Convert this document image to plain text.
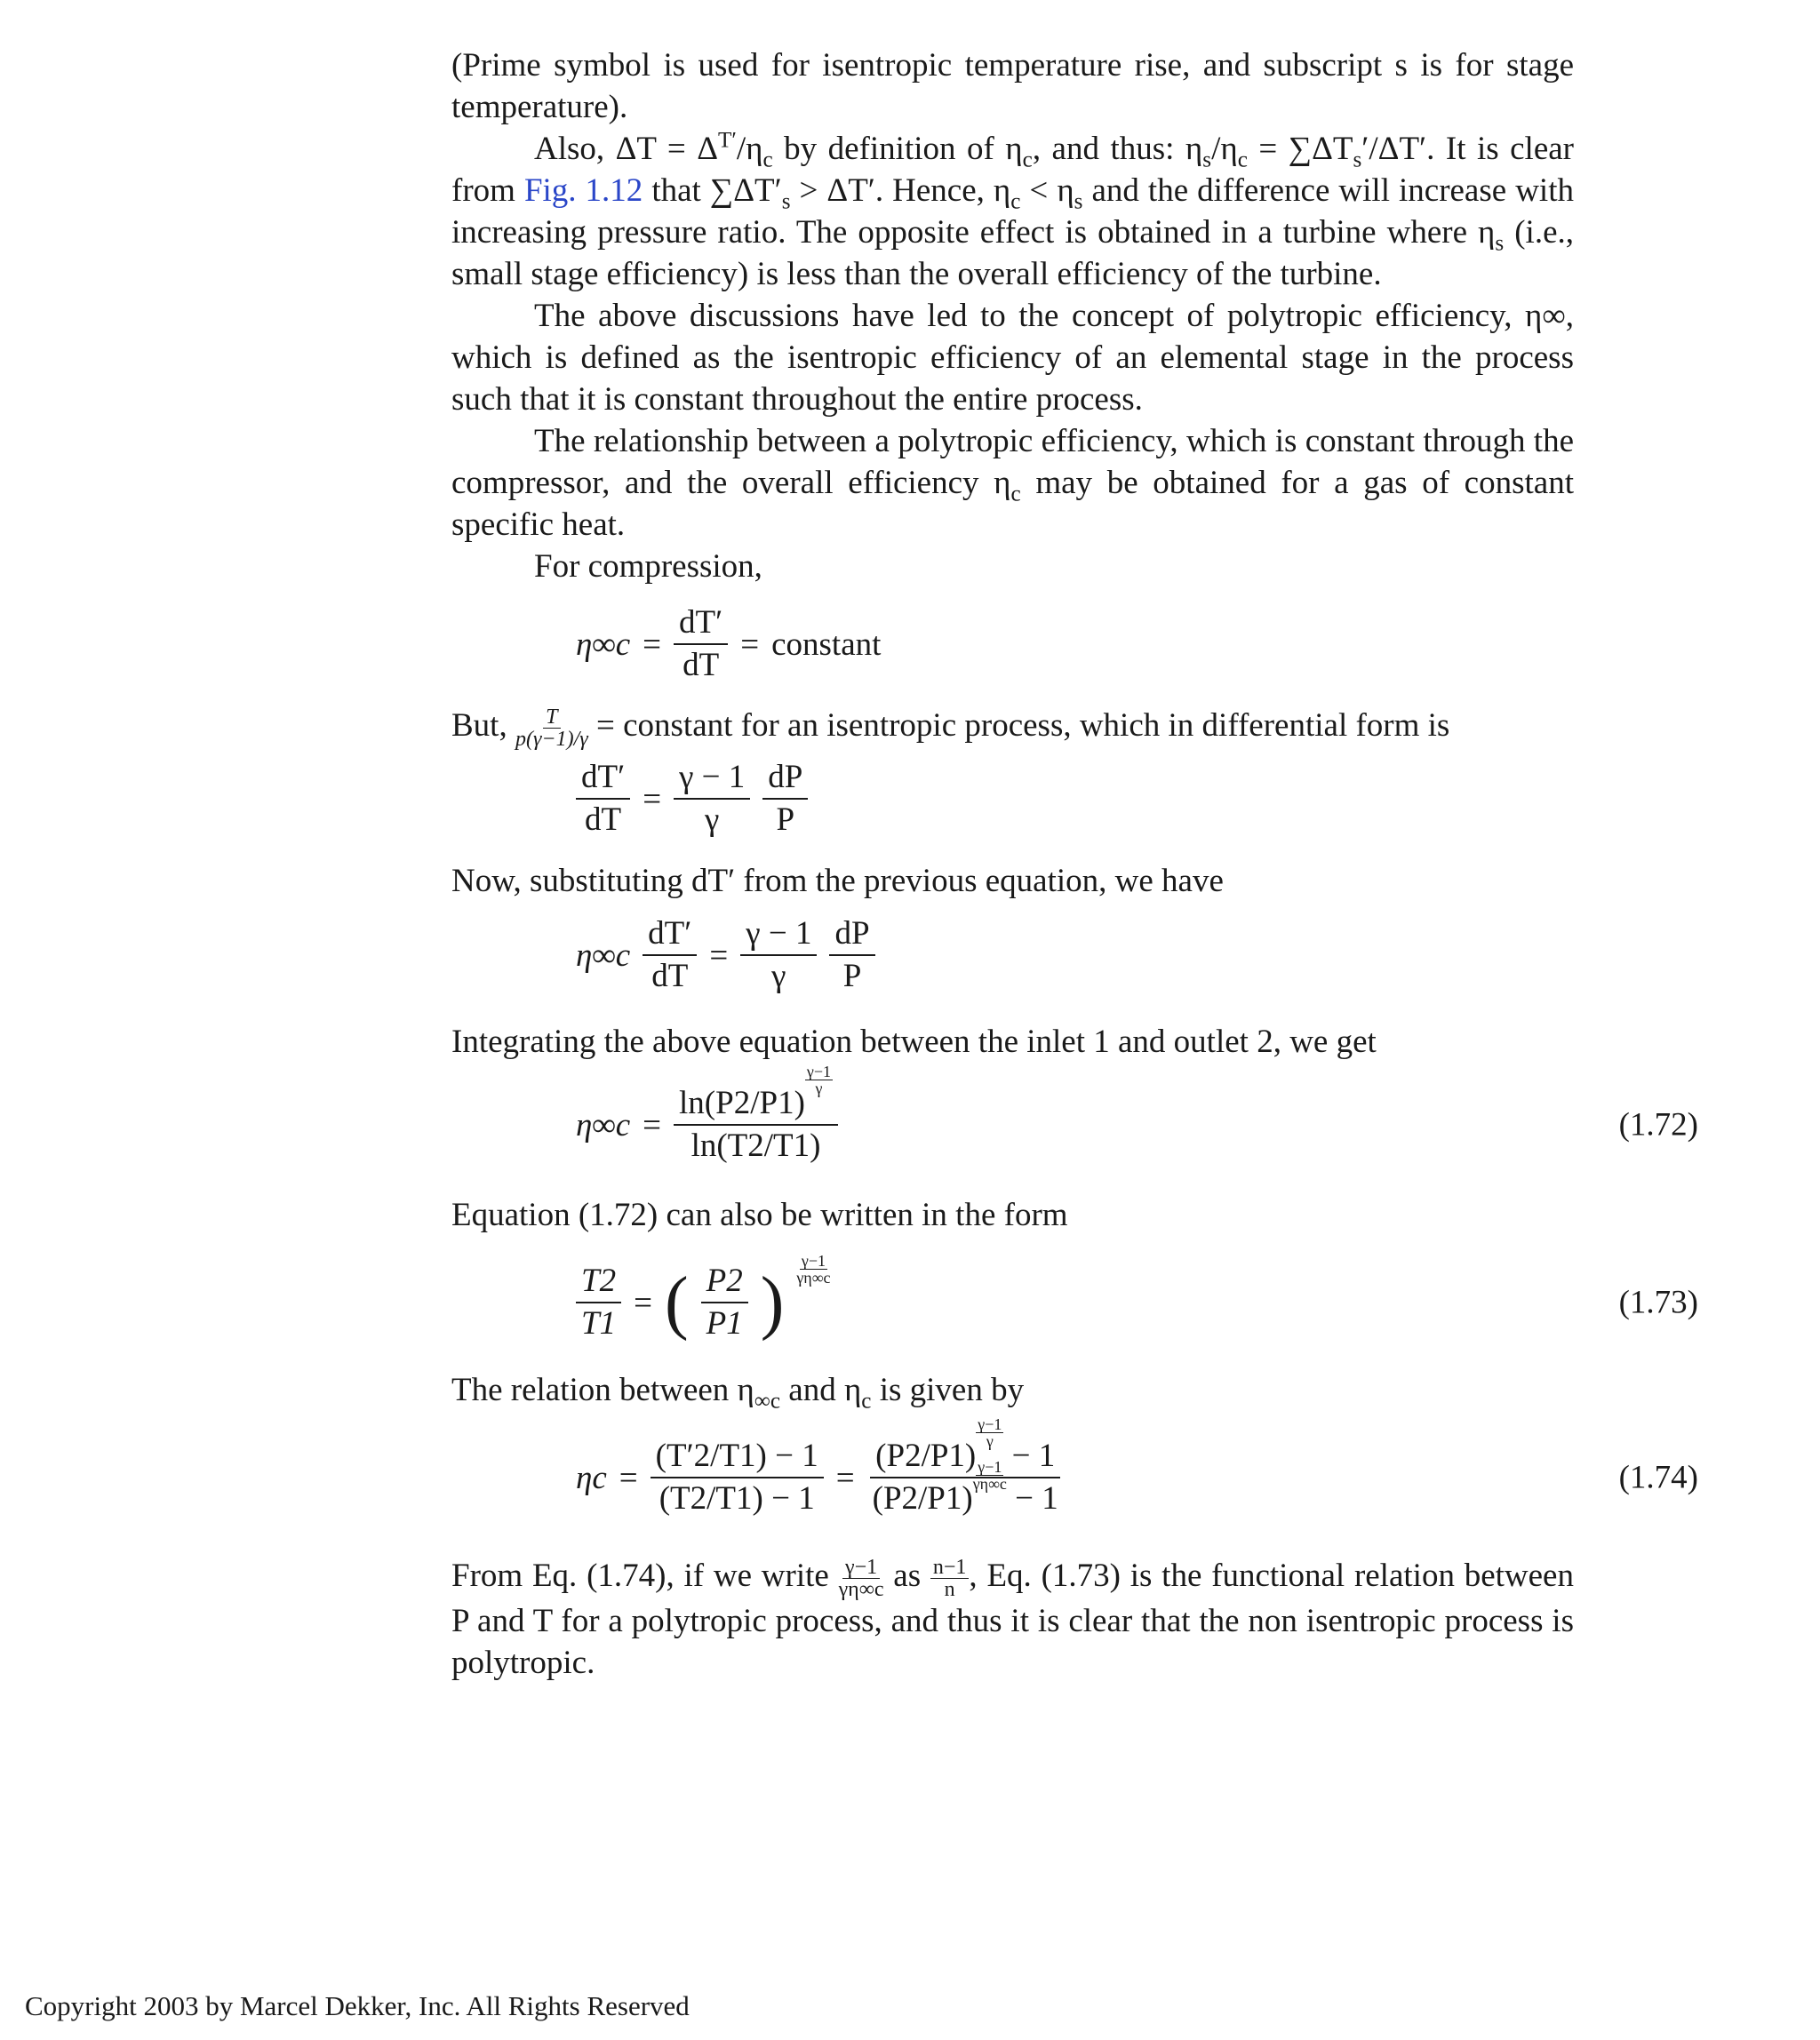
(Prime symbol is used for isentropic temperature rise, and subscript s is for stage temperature).

Also, $\Delta T = \Delta^{T'}/\eta_c$ by definition of $\eta_c$, and thus: $\eta_s/\eta_c = \sum\Delta T_s'/\Delta T'$. It is clear from Fig. 1.12 that $\sum\Delta T'_s > \Delta T'$. Hence, $\eta_c < \eta_s$ and the difference will increase with increasing pressure ratio. The opposite effect is obtained in a turbine where $\eta_s$ (i.e., small stage efficiency) is less than the overall efficiency of the turbine.

The above discussions have led to the concept of polytropic efficiency, η∞, which is defined as the isentropic efficiency of an elemental stage in the process such that it is constant throughout the entire process.

The relationship between a polytropic efficiency, which is constant through the compressor, and the overall efficiency $\eta_c$ may be obtained for a gas of constant specific heat.

For compression,

$\eta\infty c = \frac{dT'}{dT}$ = constant

But, $\frac{T}{p(\gamma-1)/\gamma}$ = constant for an isentropic process, which in differential form is

$\frac{dT'}{dT} = \frac{\gamma - 1}{\gamma} \frac{dP}{P}$

Now, substituting dT′ from the previous equation, we have

$\eta\infty c \frac{dT'}{dT} = \frac{\gamma - 1}{\gamma} \frac{dP}{P}$

Integrating the above equation between the inlet 1 and outlet 2, we get

η∞c = ln(P2/P1)
$\frac{\gamma-1}{\gamma}$
ln(T2/T1)	(1.72)

Equation (1.72) can also be written in the form

$\frac{T2}{T1}$ = ( $\frac{P2}{P1}$ )
γ−1
γη∞c
(1.73)

The relation between $\eta_{\infty c}$ and $\eta_c$ is given by

$\eta c = \frac{(T'2/T1) - 1}{(T2/T1) - 1} = (P2/P1)$
$\frac{\gamma-1}{\gamma}$
− 1
(P2/P1)
$\frac{\gamma-1}{\gamma\eta\infty c}$
− 1	(1.74)

From Eq. (1.74), if we write $\frac{\gamma-1}{\gamma\eta\infty c}$ as $\frac{n-1}{n}$ , Eq. (1.73) is the functional relation between P and T for a polytropic process, and thus it is clear that the non isentropic process is polytropic.

Copyright 2003 by Marcel Dekker, Inc. All Rights Reserved
